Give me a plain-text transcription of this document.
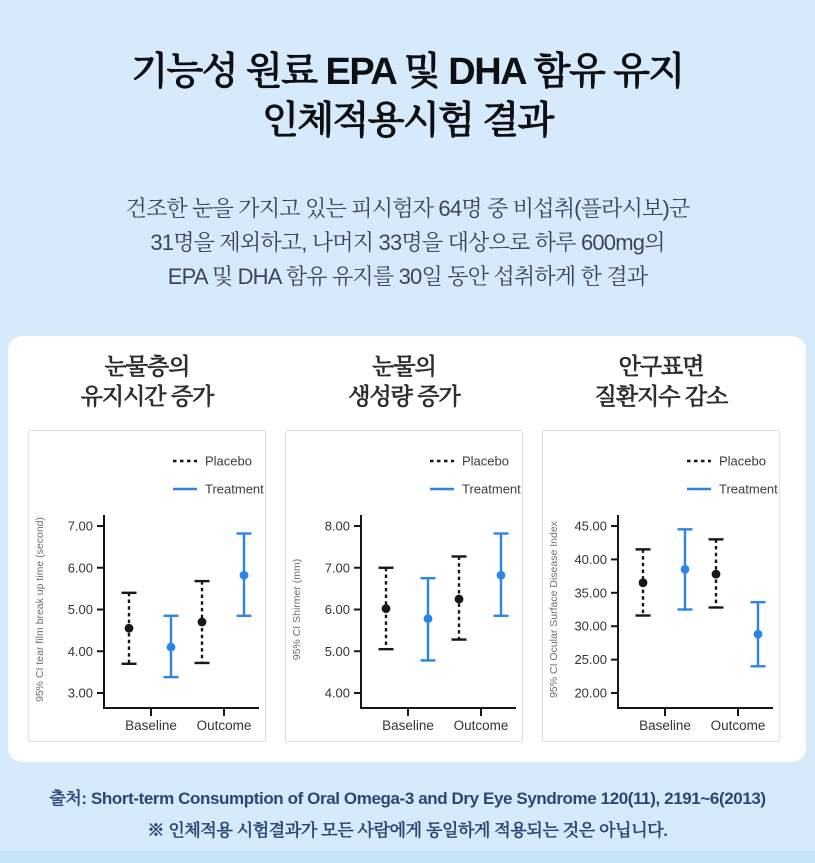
기능성 원료 EPA 및 DHA 함유 유지
인체적용시험 결과

건조한 눈을 가지고 있는 피시험자 64명 중 비섭취(플라시보)군
31명을 제외하고, 나머지 33명을 대상으로 하루 600mg의
EPA 및 DHA 함유 유지를 30일 동안 섭취하게 한 결과

눈물층의
유지시간 증가
Placebo
Treatment
95% CI tear film break up time (second) 7.00
6.00
5.00
4.00
3.00
Baseline Outcome
눈물의
생성량 증가
Placebo
Treatment
95% CI Shirmer (mm)
8.00
7.00
6.00
5.00
4.00
Baseline Outcome
안구표면
질환지수 감소
Placebo
Treatment
95% CI Ocular Surface Disease Index 45.00
40.00
35.00
30.00
25.00
20.00
Baseline Outcome

출처: Short-term Consumption of Oral Omega-3 and Dry Eye Syndrome 120(11), 2191~6(2013)
※ 인체적용 시험결과가 모든 사람에게 동일하게 적용되는 것은 아닙니다.
